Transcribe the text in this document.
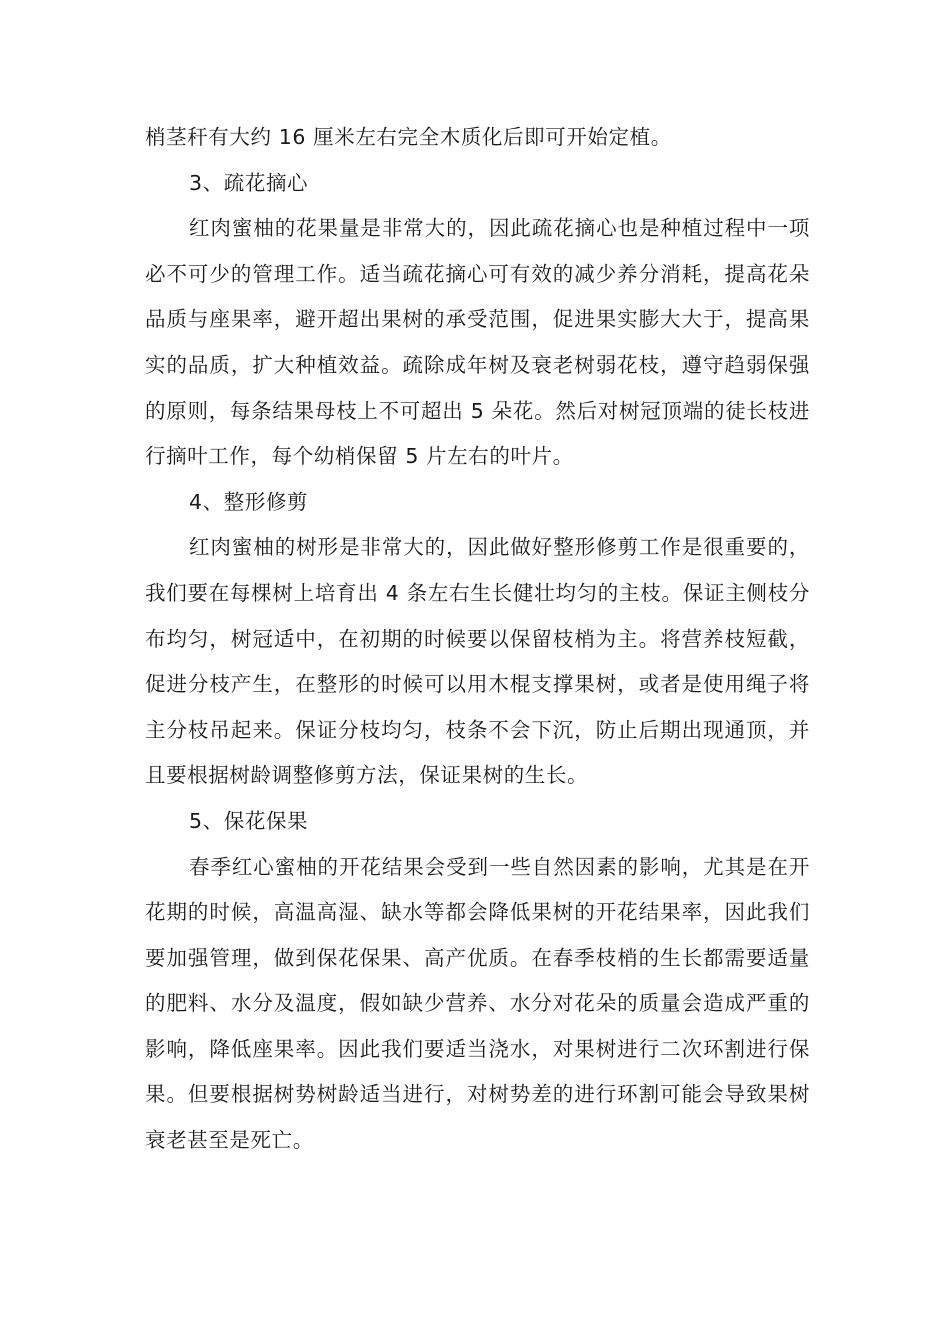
梢茎秆有大约 16 厘米左右完全木质化后即可开始定植。

3、疏花摘心

红肉蜜柚的花果量是非常大的，因此疏花摘心也是种植过程中一项必不可少的管理工作。适当疏花摘心可有效的减少养分消耗，提高花朵品质与座果率，避开超出果树的承受范围，促进果实膨大大于，提高果实的品质，扩大种植效益。疏除成年树及衰老树弱花枝，遵守趋弱保强的原则，每条结果母枝上不可超出 5 朵花。然后对树冠顶端的徒长枝进行摘叶工作，每个幼梢保留 5 片左右的叶片。

4、整形修剪

红肉蜜柚的树形是非常大的，因此做好整形修剪工作是很重要的，我们要在每棵树上培育出 4 条左右生长健壮均匀的主枝。保证主侧枝分布均匀，树冠适中，在初期的时候要以保留枝梢为主。将营养枝短截，促进分枝产生，在整形的时候可以用木棍支撑果树，或者是使用绳子将主分枝吊起来。保证分枝均匀，枝条不会下沉，防止后期出现通顶，并且要根据树龄调整修剪方法，保证果树的生长。

5、保花保果

春季红心蜜柚的开花结果会受到一些自然因素的影响，尤其是在开花期的时候，高温高湿、缺水等都会降低果树的开花结果率，因此我们要加强管理，做到保花保果、高产优质。在春季枝梢的生长都需要适量的肥料、水分及温度，假如缺少营养、水分对花朵的质量会造成严重的影响，降低座果率。因此我们要适当浇水，对果树进行二次环割进行保果。但要根据树势树龄适当进行，对树势差的进行环割可能会导致果树衰老甚至是死亡。
